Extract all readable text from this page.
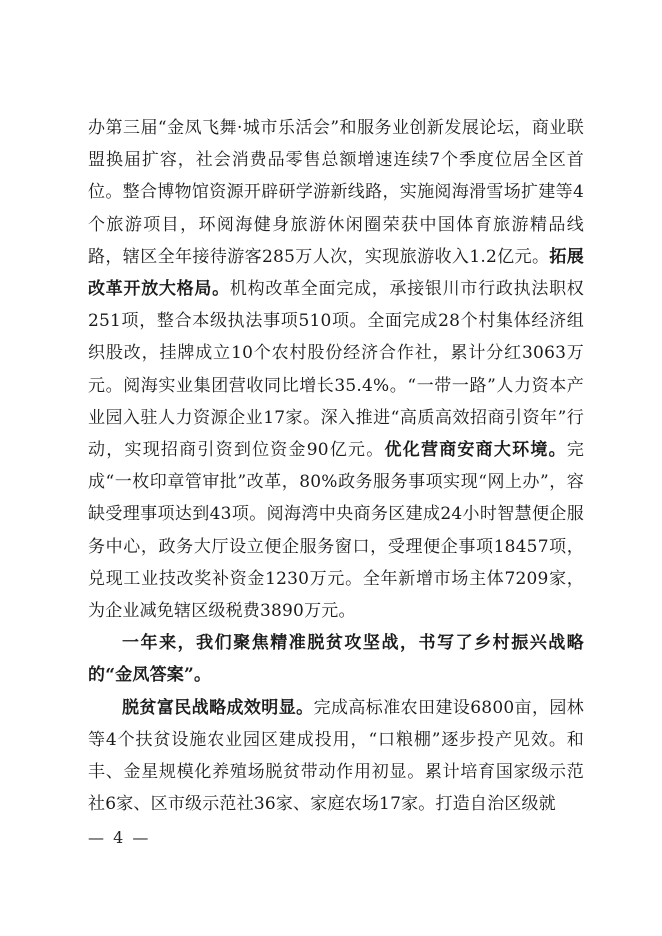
办第三届“金凤飞舞·城市乐活会”和服务业创新发展论坛，商业联盟换届扩容，社会消费品零售总额增速连续7个季度位居全区首位。整合博物馆资源开辟研学游新线路，实施阅海滑雪场扩建等4个旅游项目，环阅海健身旅游休闲圈荣获中国体育旅游精品线路，辖区全年接待游客285万人次，实现旅游收入1.2亿元。拓展改革开放大格局。机构改革全面完成，承接银川市行政执法职权251项，整合本级执法事项510项。全面完成28个村集体经济组织股改，挂牌成立10个农村股份经济合作社，累计分红3063万元。阅海实业集团营收同比增长35.4%。“一带一路”人力资本产业园入驻人力资源企业17家。深入推进“高质高效招商引资年”行动，实现招商引资到位资金90亿元。优化营商安商大环境。完成“一枚印章管审批”改革，80%政务服务事项实现“网上办”，容缺受理事项达到43项。阅海湾中央商务区建成24小时智慧便企服务中心，政务大厅设立便企服务窗口，受理便企事项18457项，兑现工业技改奖补资金1230万元。全年新增市场主体7209家，为企业减免辖区级税费3890万元。

一年来，我们聚焦精准脱贫攻坚战，书写了乡村振兴战略的“金凤答案”。

脱贫富民战略成效明显。完成高标准农田建设6800亩，园林等4个扶贫设施农业园区建成投用，“口粮棚”逐步投产见效。和丰、金星规模化养殖场脱贫带动作用初显。累计培育国家级示范社6家、区市级示范社36家、家庭农场17家。打造自治区级就

— 4 —
